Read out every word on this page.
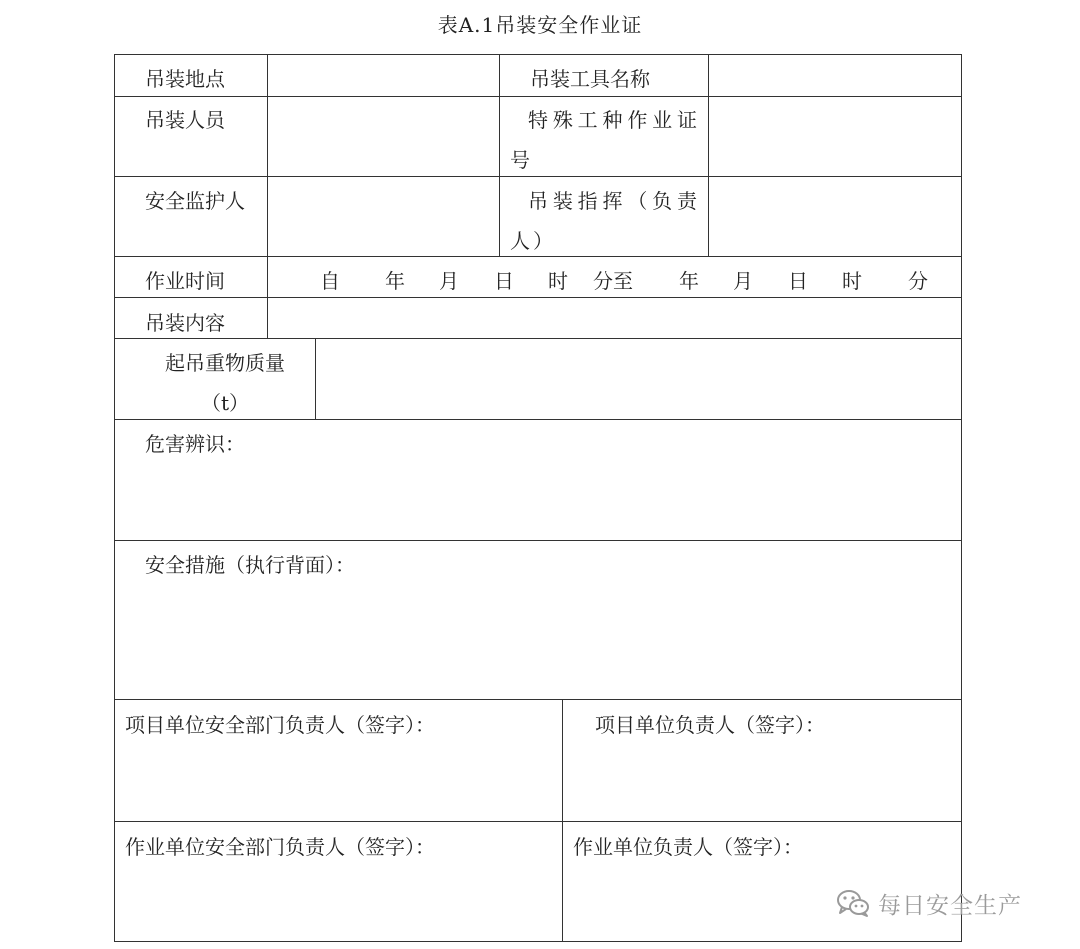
表A.1吊装安全作业证
吊装地点	吊装工具名称
吊装人员	特殊工种作业证号
安全监护人	吊装指挥（负责人）
作业时间	自 年 月 日 时 分至 年 月 日 时 分
吊装内容
起吊重物质量
（t）
危害辨识：
安全措施（执行背面）：
项目单位安全部门负责人（签字）：	项目单位负责人（签字）：
作业单位安全部门负责人（签字）：	作业单位负责人（签字）：
每日安全生产
